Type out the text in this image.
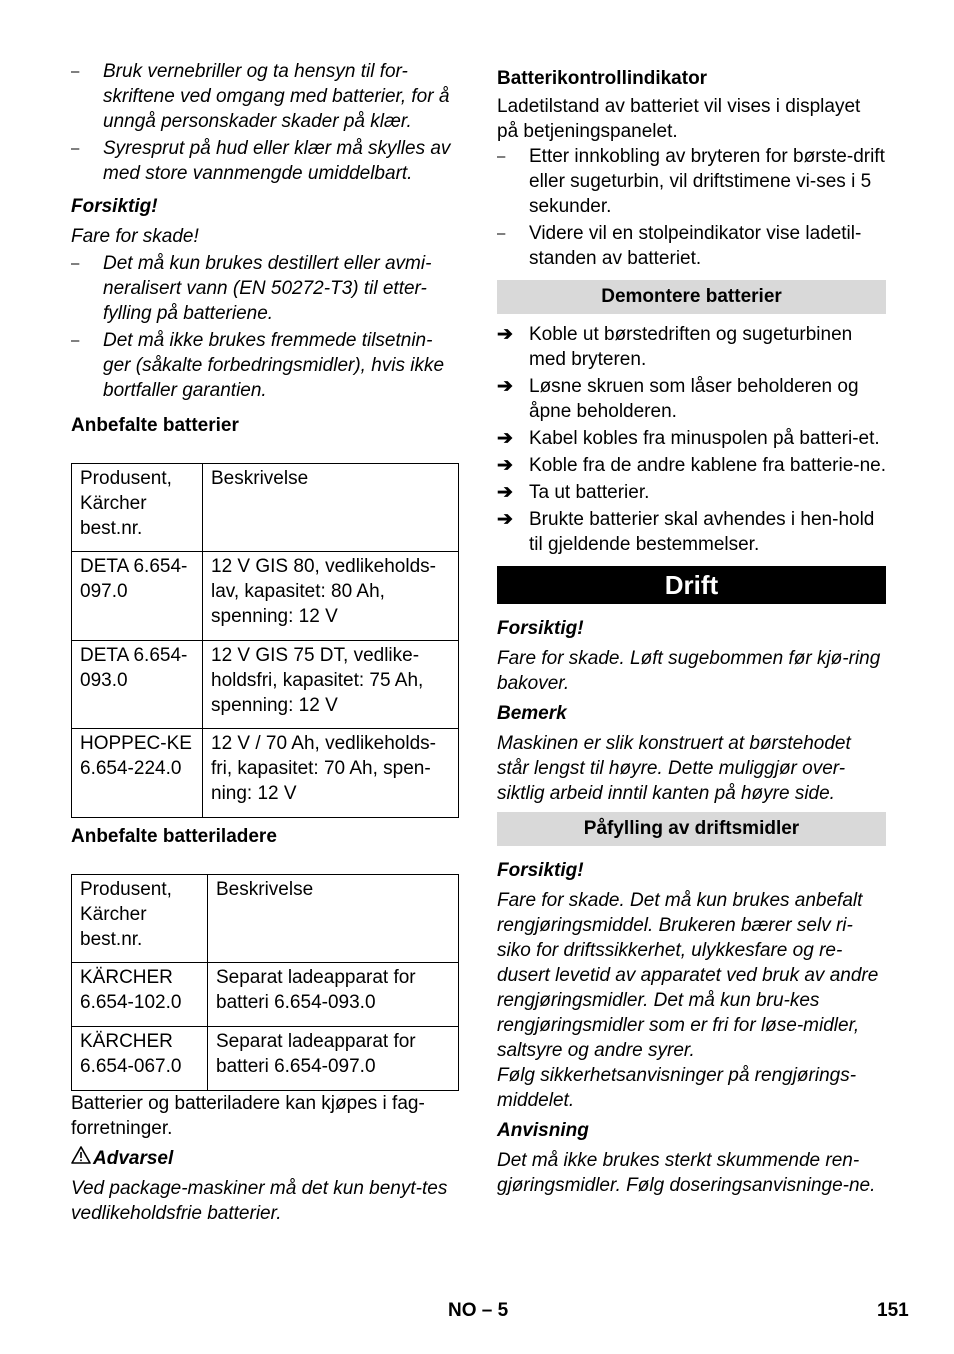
– Bruk vernebriller og ta hensyn til for-skriftene ved omgang med batterier, for å unngå personskader skader på klær.
– Syresprut på hud eller klær må skylles av med store vannmengde umiddelbart.
Forsiktig!
Fare for skade!
– Det må kun brukes destillert eller avmi-neralisert vann (EN 50272-T3) til etter-fylling på batteriene.
– Det må ikke brukes fremmede tilsetnin-ger (såkalte forbedringsmidler), hvis ikke bortfaller garantien.
Anbefalte batterier
Produsent, Kärcher best.nr.	Beskrivelse
DETA 6.654-097.0	12 V GIS 80, vedlikeholds-lav, kapasitet: 80 Ah, spenning: 12 V
DETA 6.654-093.0	12 V GIS 75 DT, vedlike-holdsfri, kapasitet: 75 Ah, spenning: 12 V
HOPPEC-KE 6.654-224.0	12 V / 70 Ah, vedlikeholds-fri, kapasitet: 70 Ah, spen-ning: 12 V
Anbefalte batteriladere
Produsent, Kärcher best.nr.	Beskrivelse
KÄRCHER 6.654-102.0	Separat ladeapparat for batteri 6.654-093.0
KÄRCHER 6.654-067.0	Separat ladeapparat for batteri 6.654-097.0
Batterier og batteriladere kan kjøpes i fag-forretninger.
Advarsel
Ved package-maskiner må det kun benyt-tes vedlikeholdsfrie batterier.
Batterikontrollindikator
Ladetilstand av batteriet vil vises i displayet på betjeningspanelet.
– Etter innkobling av bryteren for børste-drift eller sugeturbin, vil driftstimene vi-ses i 5 sekunder.
– Videre vil en stolpeindikator vise ladetil-standen av batteriet.
Demontere batterier
➔ Koble ut børstedriften og sugeturbinen med bryteren.
➔ Løsne skruen som låser beholderen og åpne beholderen.
➔ Kabel kobles fra minuspolen på batteri-et.
➔ Koble fra de andre kablene fra batterie-ne.
➔ Ta ut batterier.
➔ Brukte batterier skal avhendes i hen-hold til gjeldende bestemmelser.
Drift
Forsiktig!
Fare for skade. Løft sugebommen før kjø-ring bakover.
Bemerk
Maskinen er slik konstruert at børstehodet står lengst til høyre. Dette muliggjør over-siktlig arbeid inntil kanten på høyre side.
Påfylling av driftsmidler
Forsiktig!
Fare for skade. Det må kun brukes anbefalt rengjøringsmiddel. Brukeren bærer selv ri-siko for driftssikkerhet, ulykkesfare og re-dusert levetid av apparatet ved bruk av andre rengjøringsmidler. Det må kun bru-kes rengjøringsmidler som er fri for løse-midler, saltsyre og andre syrer.
Følg sikkerhetsanvisninger på rengjørings-middelet.
Anvisning
Det må ikke brukes sterkt skummende ren-gjøringsmidler. Følg doseringsanvisninge-ne.
NO – 5	151
